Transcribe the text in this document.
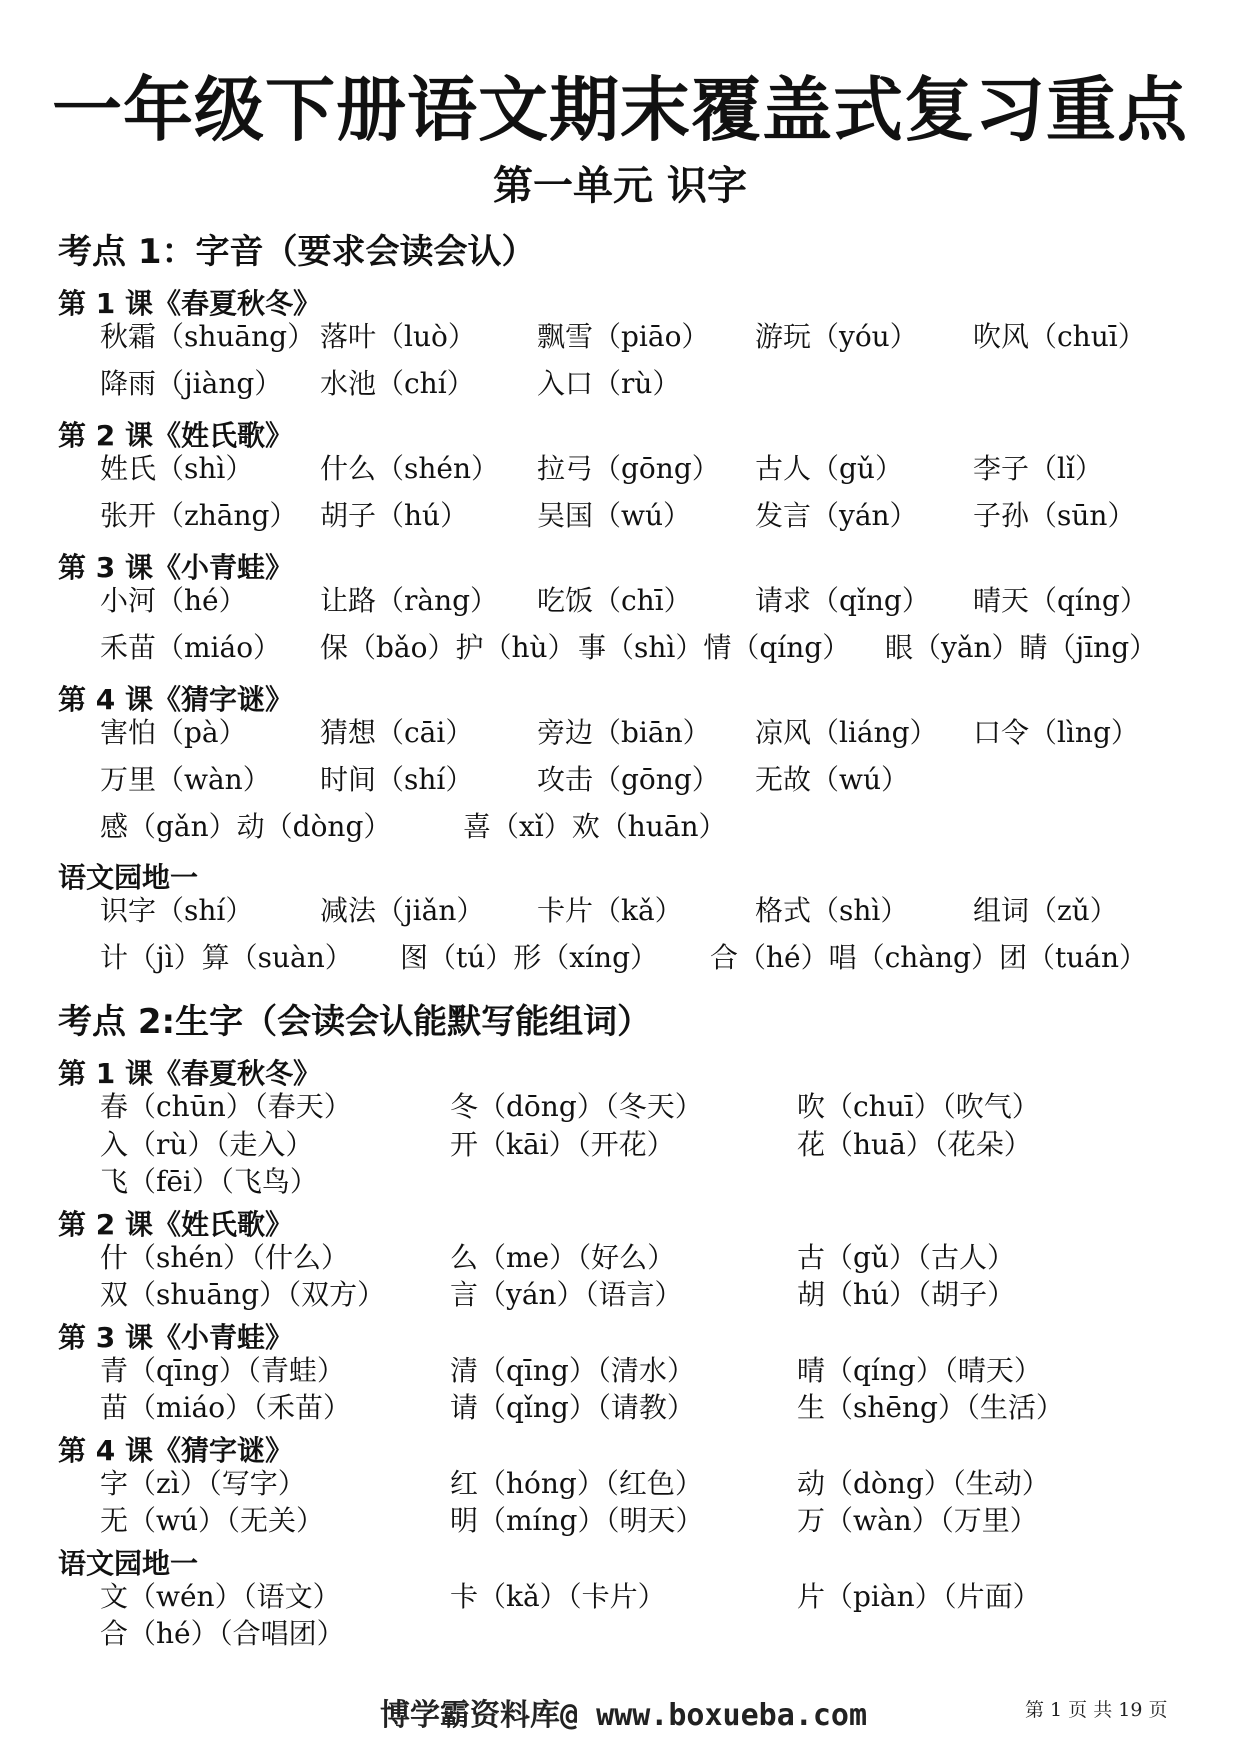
一年级下册语文期末覆盖式复习重点
第一单元 识字
考点 1：字音（要求会读会认）
第 1 课《春夏秋冬》
秋霜（shuāng） 落叶（luò） 飘雪（piāo） 游玩（yóu） 吹风（chuī）
降雨（jiàng） 水池（chí） 入口（rù）
第 2 课《姓氏歌》
姓氏（shì） 什么（shén） 拉弓（gōng） 古人（gǔ）	李子（lǐ）
张开（zhāng） 胡子（hú） 吴国（wú） 发言（yán） 子孙（sūn）
第 3 课《小青蛙》
小河（hé）	让路（ràng） 吃饭（chī） 请求（qǐng） 晴天（qíng）
禾苗（miáo） 保（bǎo）护（hù） 事（shì）情（qíng） 眼（yǎn）睛（jīng）
第 4 课《猜字谜》
害怕（pà）	猜想（cāi） 旁边（biān） 凉风（liáng） 口令（lìng）
万里（wàn） 时间（shí） 攻击（gōng） 无故（wú）
感（gǎn）动（dòng）	喜（xǐ）欢（huān）
语文园地一
识字（shí） 减法（jiǎn） 卡片（kǎ）	格式（shì） 组词（zǔ）
计（jì）算（suàn） 图（tú）形（xíng） 合（hé）唱（chàng）团（tuán）
考点 2:生字（会读会认能默写能组词）
第 1 课《春夏秋冬》
春（chūn）（春天）	冬（dōng）（冬天）	吹（chuī）（吹气）
入（rù）（走入）	开（kāi）（开花）	花（huā）（花朵）
飞（fēi）（飞鸟）
第 2 课《姓氏歌》
什（shén）（什么）	么（me）（好么）	古（gǔ）（古人）
双（shuāng）（双方） 言（yán）（语言）	胡（hú）（胡子）
第 3 课《小青蛙》
青（qīng）（青蛙）	清（qīng）（清水）	晴（qíng）（晴天）
苗（miáo）（禾苗）	请（qǐng）（请教）	生（shēng）（生活）
第 4 课《猜字谜》
字（zì）（写字）	红（hóng）（红色）	动（dòng）（生动）
无（wú）（无关）	明（míng）（明天）	万（wàn）（万里）
语文园地一
文（wén）（语文）	卡（kǎ）（卡片）	片（piàn）（片面）
合（hé）（合唱团）
博学霸资料库@ www.boxueba.com	第 1 页 共 19 页
